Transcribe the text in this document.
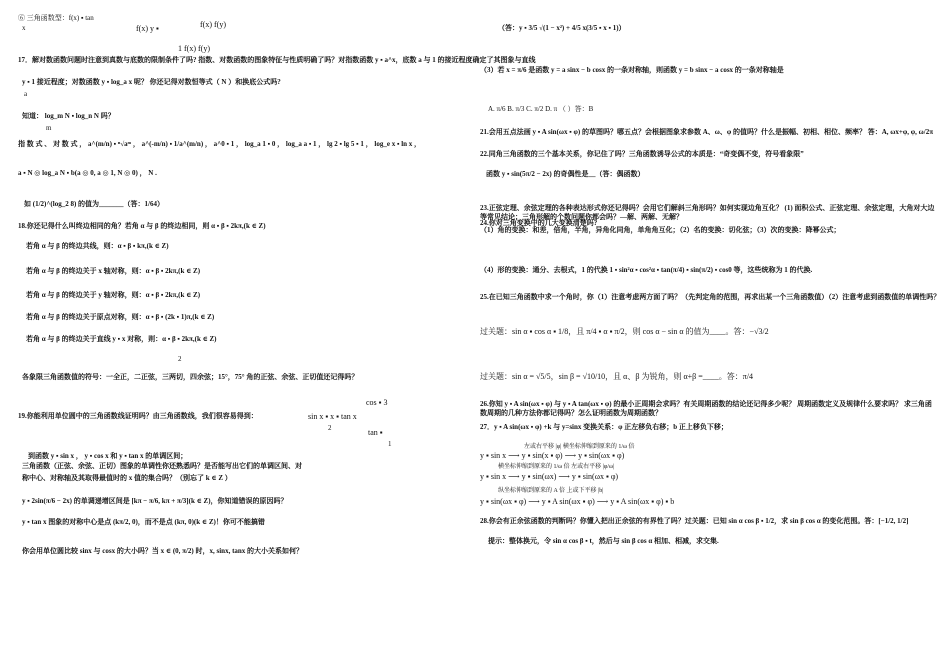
⑥ 三角函数型：f(x) ▪ tan
x	f(x) y ▪	f(x) f(y)
1 f(x) f(y)
17．解对数函数问题时注意到真数与底数的限制条件了吗? 指数、对数函数的图象特征与性质明确了吗？对指数函数 y ▪ a^x，底数 a 与 1 的接近程度确定了其图象与直线
y ▪ 1 接近程度；对数函数 y ▪ log_a x 呢？ 你还记得对数恒等式（ N ）和换底公式吗?
a
知道： log_m N ▪ log_n N 吗？
m
指 数 式 、 对 数 式 ， a^(m/n) ▪ ⁿ√aᵐ ， a^(-m/n) ▪ 1/a^(m/n) ， a^0 ▪ 1 ， log_a 1 ▪ 0 ， log_a a ▪ 1 ， lg 2 ▪ lg 5 ▪ 1 ， log_e x ▪ ln x ，
a ▪ N ◎ log_a N ▪ b(a ◎ 0, a ◎ 1, N ◎ 0) ， N .
如 (1/2)^(log_2 8) 的值为_______（答：1/64）
18.你还记得什么叫终边相同的角？若角 α 与 β 的终边相同，则 α ▪ β ▪ 2kπ,(k ∈ Z)
若角 α 与 β 的终边共线，则：α ▪ β ▪ kπ,(k ∈ Z)
若角 α 与 β 的终边关于 x 轴对称，则：α ▪ β ▪ 2kπ,(k ∈ Z)
若角 α 与 β 的终边关于 y 轴对称，则：α ▪ β ▪ 2kπ,(k ∈ Z)
若角 α 与 β 的终边关于原点对称，则：α ▪ β ▪ (2k ▪ 1)π,(k ∈ Z)
若角 α 与 β 的终边关于直线 y ▪ x 对称，则：α ▪ β ▪ 2kπ,(k ∈ Z)
2
各象限三角函数值的符号：一全正，二正弦，三两切，四余弦；15°，75° 角的正弦、余弦、正切值还记得吗？
19.你能利用单位圆中的三角函数线证明吗？由三角函数线，我们很容易得到：	sin x ▪ x ▪ tan x
cos ▪ 3
2	tan ▪
1
到函数 y ▪ sin x ， y ▪ cos x 和 y ▪ tan x 的单调区间；
三角函数（正弦、余弦、正切）图象的单调性你还熟悉吗？是否能写出它们的单调区间、对
称中心、对称轴及其取得最值时的 x 值的集合吗？（别忘了 k ∈ Z ）
y ▪ 2sin(π/6 − 2x) 的单调递增区间是 [kπ − π/6, kπ + π/3](k ∈ Z)，你知道错误的原因吗？
y ▪ tan x 图象的对称中心是点 (kπ/2, 0)，而不是点 (kπ, 0)(k ∈ Z)！你可不能搞错
你会用单位圆比较 sinx 与 cosx 的大小吗？当 x ∈ (0, π/2) 时，x, sinx, tanx 的大小关系如何？
（答：y ▪ 3/5 √(1 − x²) + 4/5 x(3/5 ▪ x ▪ 1)）
（3）若 x = π/6 是函数 y = a sinx − b cosx 的一条对称轴，则函数 y = b sinx − a cosx 的一条对称轴是
A. π/6 B. π/3 C. π/2 D. π （ ）答：B
21.会用五点法画 y ▪ A sin(ωx ▪ φ) 的草图吗？哪五点？会根据图象求参数 A、ω、φ 的值吗？什么是振幅、初相、相位、频率？ 答：A, ωx+φ, φ, ω/2π
22.同角三角函数的三个基本关系，你记住了吗？三角函数诱导公式的本质是：“奇变偶不变，符号看象限”
函数 y ▪ sin(5π/2 − 2x) 的奇偶性是__（答：偶函数）
23.正弦定理、余弦定理的各种表达形式你还记得吗？会用它们解斜三角形吗？如何实现边角互化？ (1) 面积公式、正弦定理、余弦定理，大角对大边等常见结论；三角形解的个数问题你都会吗？—解、两解、无解？
24.你对三角变换中的几大变换清楚吗?
（1）角的变换：和差，倍角，半角，异角化同角，单角角互化；（2）名的变换：切化弦；（3）次的变换：降幂公式；
（4）形的变换：通分、去根式，1 的代换 1 ▪ sin²α ▪ cos²α ▪ tan(π/4) ▪ sin(π/2) ▪ cos0 等，这些统称为 1 的代换.
25.在已知三角函数中求一个角时，你（1）注意考虑两方面了吗？（先判定角的范围，再求出某一个三角函数值）（2）注意考虑到函数值的单调性吗？
过关题：sin α ▪ cos α ▪ 1/8，且 π/4 ▪ α ▪ π/2，则 cos α − sin α 的值为____。答：−√3/2
过关题：sin α = √5/5，sin β = √10/10，且 α、β 为锐角，则 α+β =____。答：π/4
26.你知 y ▪ A sin(ωx ▪ φ) 与 y ▪ A tan(ωx ▪ φ) 的最小正周期会求吗？有关周期函数的结论还记得多少呢？ 周期函数定义及规律什么要求吗？ 求三角函数周期的几种方法你都记得吗？怎么证明函数为周期函数？
27．y ▪ A sin(ωx ▪ φ) +k 与 y=sinx 变换关系：φ 正左移负右移；b 正上移负下移；
左或右平移 |φ| 横坐标伸缩到原来的 1/ω 倍
y ▪ sin x ⟶ y ▪ sin(x ▪ φ) ⟶ y ▪ sin(ωx ▪ φ)
横坐标伸缩到原来的 1/ω 倍 左或右平移 |φ/ω|
y ▪ sin x ⟶ y ▪ sin(ωx) ⟶ y ▪ sin(ωx ▪ φ)
纵坐标伸缩到原来的 A 倍 上或下平移 |b|
y ▪ sin(ωx ▪ φ) ⟶ y ▪ A sin(ωx ▪ φ) ⟶ y ▪ A sin(ωx ▪ φ) ▪ b
28.你会有正余弦函数的判断吗？你懂入把出正余弦的有界性了吗？过关题：已知 sin α cos β ▪ 1/2，求 sin β cos α 的变化范围。答：[−1/2, 1/2]
提示：整体换元，令 sin α cos β ▪ t，然后与 sin β cos α 相加、相减，求交集.
